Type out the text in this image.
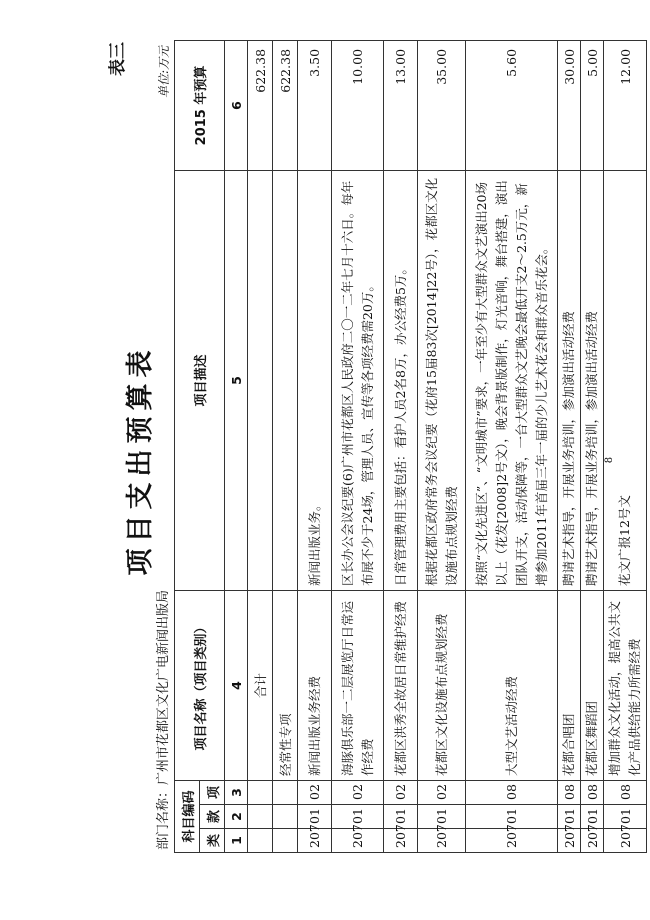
表三
项目支出预算表
部门名称：广州市花都区文化广电新闻出版局
单位:万元
科目编码			项目名称（项目类别）	项目描述	2015 年预算
类	款	项			
1	2	3	4	5	6
			合计		622.38
			经常性专项		622.38
207	01	02	新闻出版业务经费	新闻出版业务。	3.50
207	01	02	海豚俱乐部一二层展览厅日常运作经费	区长办公会议纪要(6)广州市花都区人民政府二〇一二年七月十六日。每年布展不少于24场，管理人员、宣传等各项经费需20万。	10.00
207	01	02	花都区洪秀全故居日常维护经费	日常管理费用主要包括：看护人员2名8万，办公经费5万。	13.00
207	01	02	花都区文化设施布点规划经费	根据花都区政府常务会议纪要（花府15届83次[2014]22号），花都区文化设施布点规划经费	35.00
207	01	08	大型文艺活动经费	按照“文化先进区”、“文明城市”要求，一年至少有大型群众文艺演出20场以上（花发[2008]2号文），晚会背景版制作，灯光音响，舞台搭建，演出团队开支，活动保障等，一台大型群众文艺晚会最低开支2～2.5万元，新增参加2011年首届三年一届的少儿艺术花会和群众音乐花会。	5.60
207	01	08	花都合唱团	聘请艺术指导，开展业务培训，参加演出活动经费	30.00
207	01	08	花都区舞蹈团	聘请艺术指导，开展业务培训，参加演出活动经费	5.00
207	01	08	增加群众文化活动，提高公共文化产品供给能力所需经费	花文广报12号文	12.00
8
